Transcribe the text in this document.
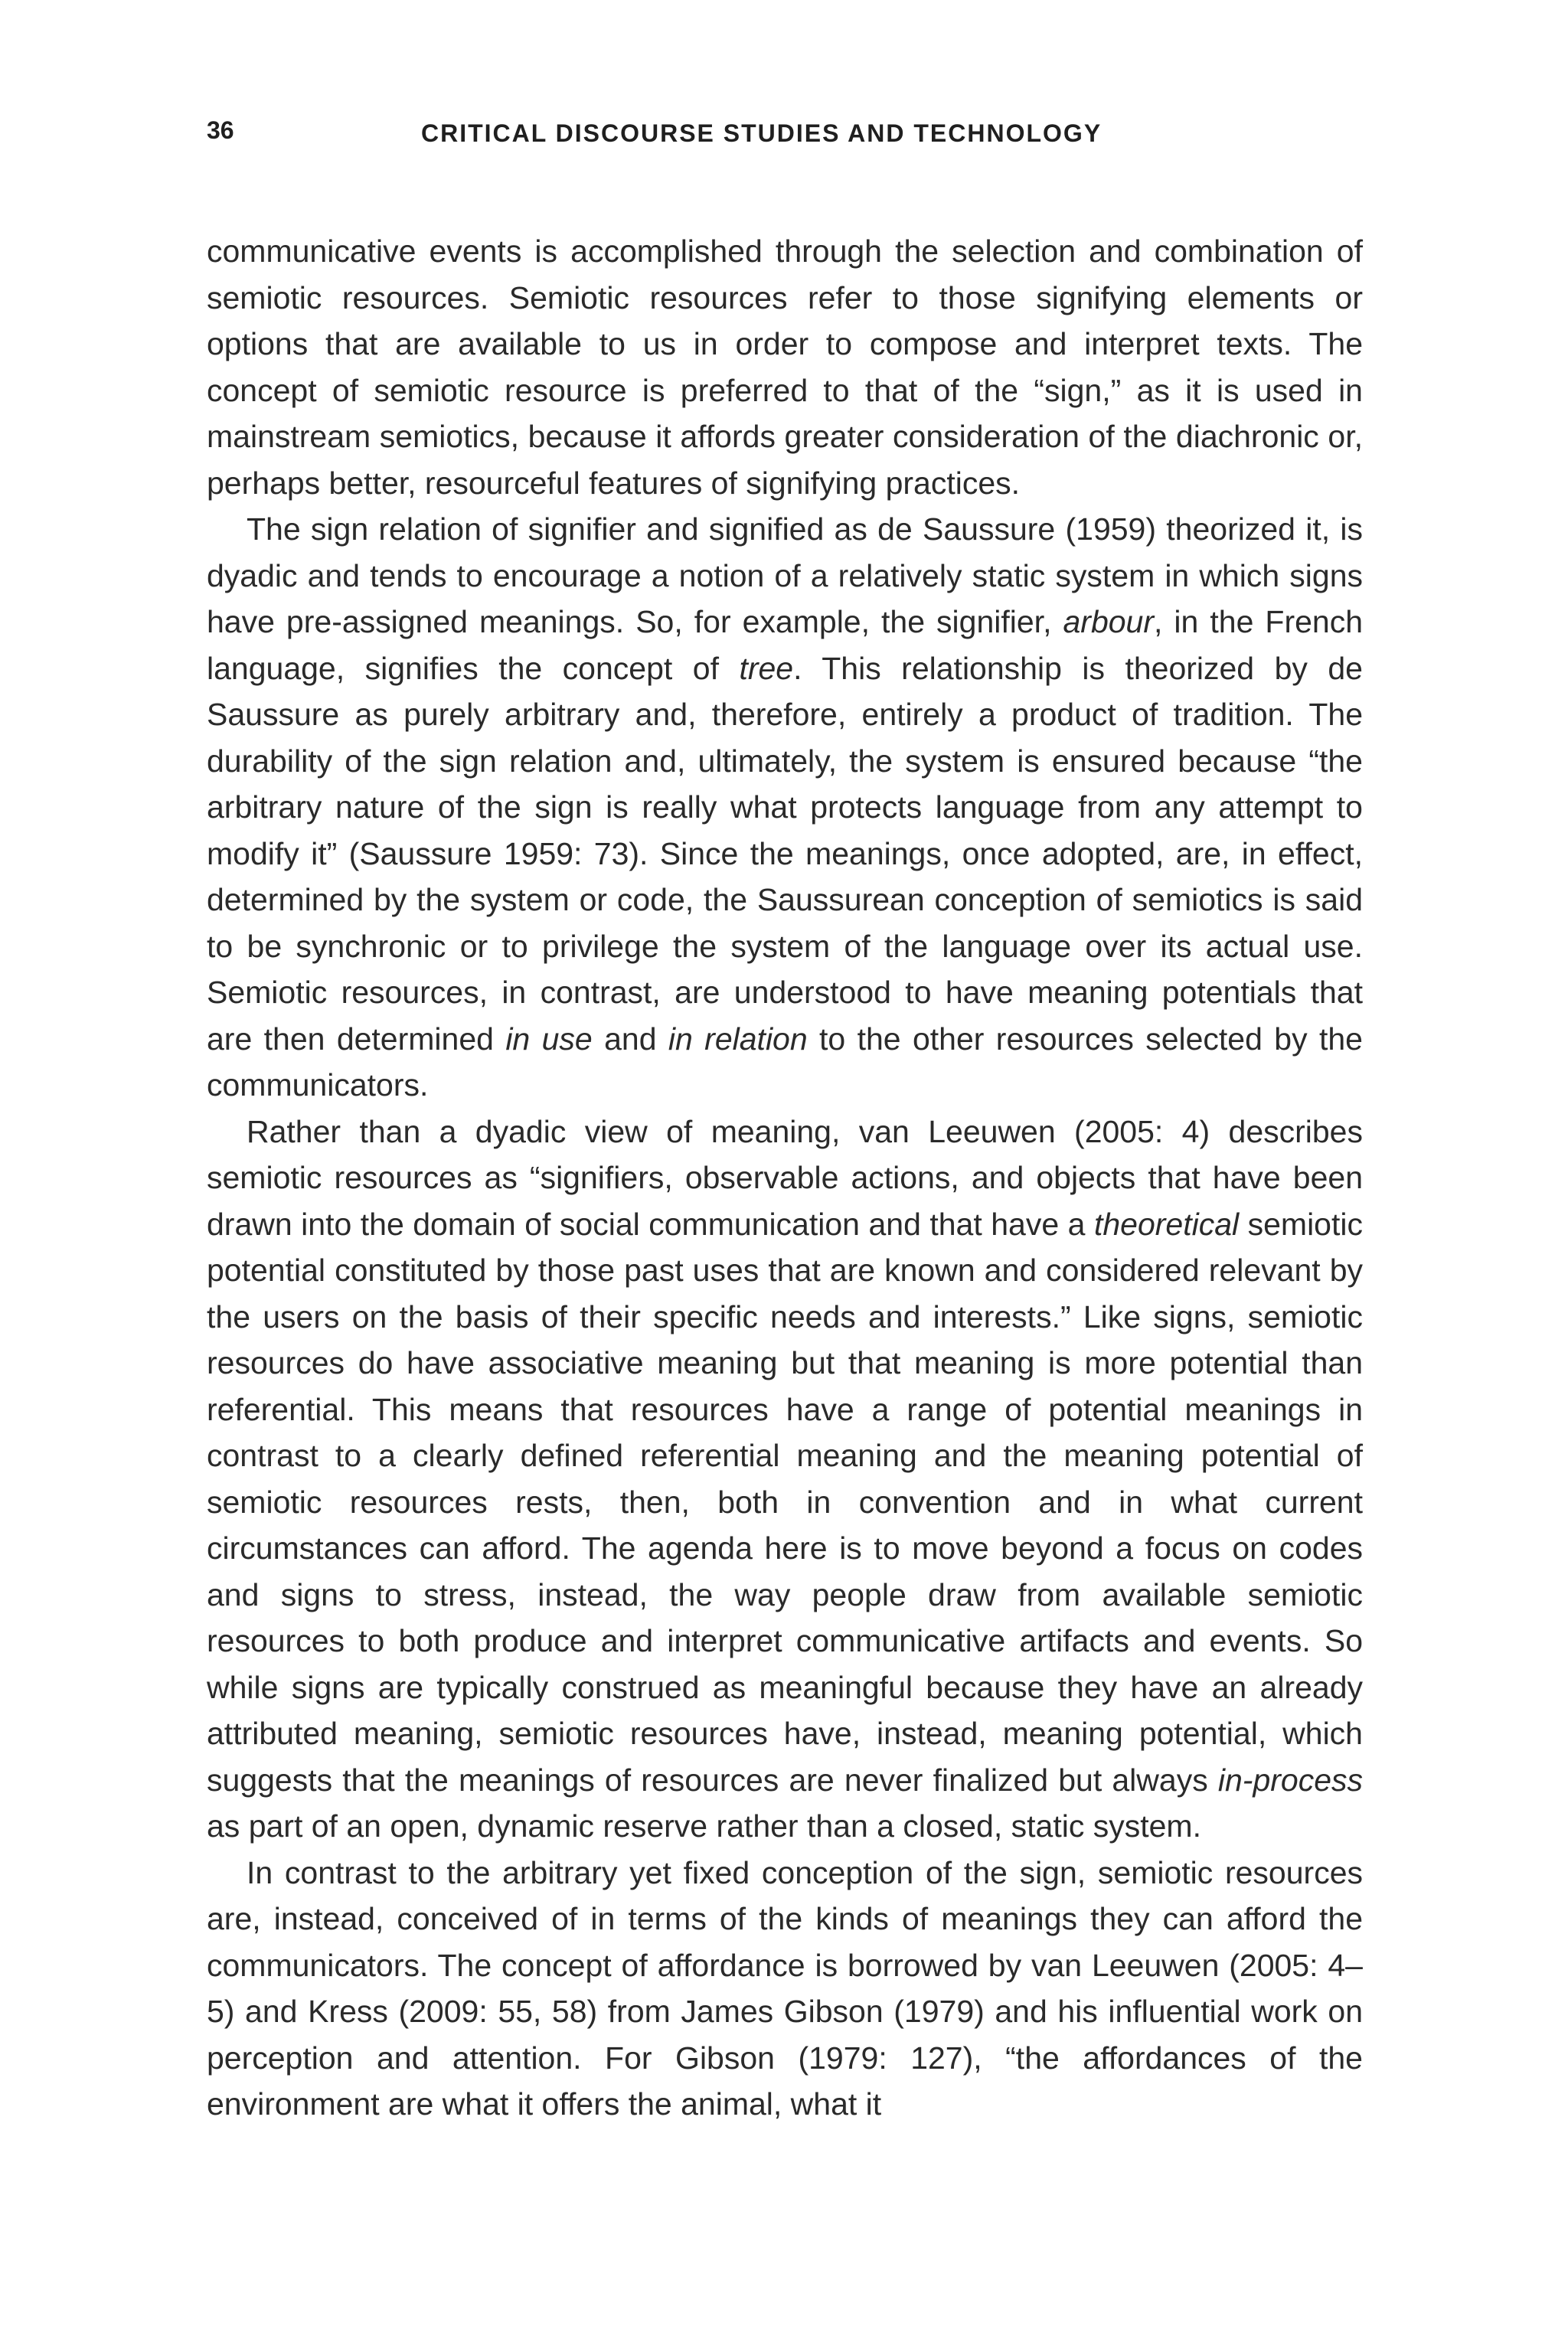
36	CRITICAL DISCOURSE STUDIES AND TECHNOLOGY

communicative events is accomplished through the selection and combination of semiotic resources. Semiotic resources refer to those signifying elements or options that are available to us in order to compose and interpret texts. The concept of semiotic resource is preferred to that of the “sign,” as it is used in mainstream semiotics, because it affords greater consideration of the diachronic or, perhaps better, resourceful features of signifying practices.

The sign relation of signifier and signified as de Saussure (1959) theorized it, is dyadic and tends to encourage a notion of a relatively static system in which signs have pre-assigned meanings. So, for example, the signifier, arbour, in the French language, signifies the concept of tree. This relationship is theorized by de Saussure as purely arbitrary and, therefore, entirely a product of tradition. The durability of the sign relation and, ultimately, the system is ensured because “the arbitrary nature of the sign is really what protects language from any attempt to modify it” (Saussure 1959: 73). Since the meanings, once adopted, are, in effect, determined by the system or code, the Saussurean conception of semiotics is said to be synchronic or to privilege the system of the language over its actual use. Semiotic resources, in contrast, are understood to have meaning potentials that are then determined in use and in relation to the other resources selected by the communicators.

Rather than a dyadic view of meaning, van Leeuwen (2005: 4) describes semiotic resources as “signifiers, observable actions, and objects that have been drawn into the domain of social communication and that have a theoretical semiotic potential constituted by those past uses that are known and considered relevant by the users on the basis of their specific needs and interests.” Like signs, semiotic resources do have associative meaning but that meaning is more potential than referential. This means that resources have a range of potential meanings in contrast to a clearly defined referential meaning and the meaning potential of semiotic resources rests, then, both in convention and in what current circumstances can afford. The agenda here is to move beyond a focus on codes and signs to stress, instead, the way people draw from available semiotic resources to both produce and interpret communicative artifacts and events. So while signs are typically construed as meaningful because they have an already attributed meaning, semiotic resources have, instead, meaning potential, which suggests that the meanings of resources are never finalized but always in-process as part of an open, dynamic reserve rather than a closed, static system.

In contrast to the arbitrary yet fixed conception of the sign, semiotic resources are, instead, conceived of in terms of the kinds of meanings they can afford the communicators. The concept of affordance is borrowed by van Leeuwen (2005: 4–5) and Kress (2009: 55, 58) from James Gibson (1979) and his influential work on perception and attention. For Gibson (1979: 127), “the affordances of the environment are what it offers the animal, what it
